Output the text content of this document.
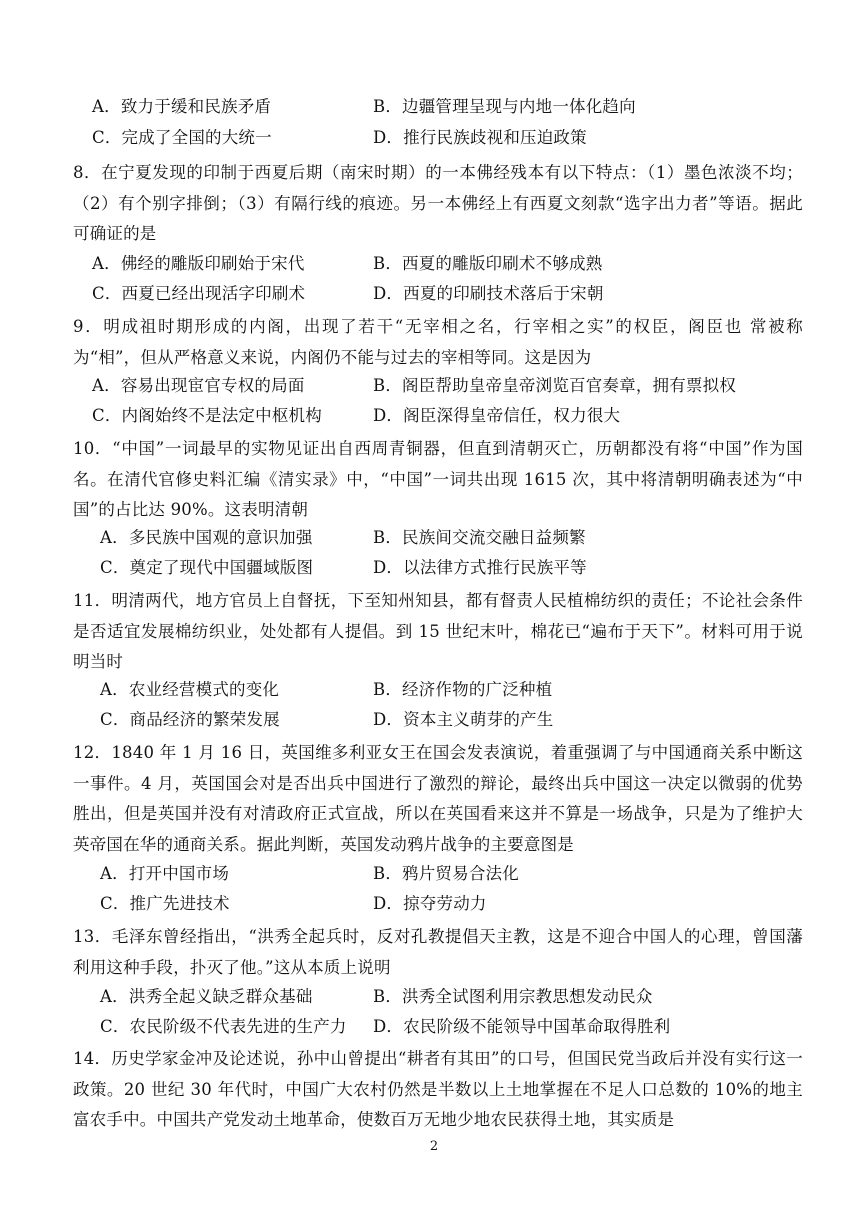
A．致力于缓和民族矛盾	B．边疆管理呈现与内地一体化趋向
C．完成了全国的大统一	D．推行民族歧视和压迫政策
8．在宁夏发现的印制于西夏后期（南宋时期）的一本佛经残本有以下特点：（1）墨色浓淡不均；（2）有个别字排倒；（3）有隔行线的痕迹。另一本佛经上有西夏文刻款“选字出力者”等语。据此可确证的是
A．佛经的雕版印刷始于宋代	B．西夏的雕版印刷术不够成熟
C．西夏已经出现活字印刷术	D．西夏的印刷技术落后于宋朝
9．明成祖时期形成的内阁，出现了若干“无宰相之名，行宰相之实”的权臣，阁臣也 常被称为“相”，但从严格意义来说，内阁仍不能与过去的宰相等同。这是因为
A．容易出现宦官专权的局面	B．阁臣帮助皇帝皇帝浏览百官奏章，拥有票拟权
C．内阁始终不是法定中枢机构	D．阁臣深得皇帝信任，权力很大
10．“中国”一词最早的实物见证出自西周青铜器，但直到清朝灭亡，历朝都没有将“中国”作为国名。在清代官修史料汇编《清实录》中，“中国”一词共出现 1615 次，其中将清朝明确表述为“中国”的占比达 90%。这表明清朝
A．多民族中国观的意识加强	B．民族间交流交融日益频繁
C．奠定了现代中国疆域版图	D．以法律方式推行民族平等
11．明清两代，地方官员上自督抚，下至知州知县，都有督责人民植棉纺织的责任；不论社会条件是否适宜发展棉纺织业，处处都有人提倡。到 15 世纪末叶，棉花已“遍布于天下”。材料可用于说明当时
A．农业经营模式的变化	B．经济作物的广泛种植
C．商品经济的繁荣发展	D．资本主义萌芽的产生
12．1840 年 1 月 16 日，英国维多利亚女王在国会发表演说，着重强调了与中国通商关系中断这一事件。4 月，英国国会对是否出兵中国进行了激烈的辩论，最终出兵中国这一决定以微弱的优势胜出，但是英国并没有对清政府正式宣战，所以在英国看来这并不算是一场战争，只是为了维护大英帝国在华的通商关系。据此判断，英国发动鸦片战争的主要意图是
A．打开中国市场	B．鸦片贸易合法化
C．推广先进技术	D．掠夺劳动力
13．毛泽东曾经指出，“洪秀全起兵时，反对孔教提倡天主教，这是不迎合中国人的心理，曾国藩利用这种手段，扑灭了他。”这从本质上说明
A．洪秀全起义缺乏群众基础	B．洪秀全试图利用宗教思想发动民众
C．农民阶级不代表先进的生产力 D．农民阶级不能领导中国革命取得胜利
14．历史学家金冲及论述说，孙中山曾提出“耕者有其田”的口号，但国民党当政后并没有实行这一政策。20 世纪 30 年代时，中国广大农村仍然是半数以上土地掌握在不足人口总数的 10%的地主富农手中。中国共产党发动土地革命，使数百万无地少地农民获得土地，其实质是
2
